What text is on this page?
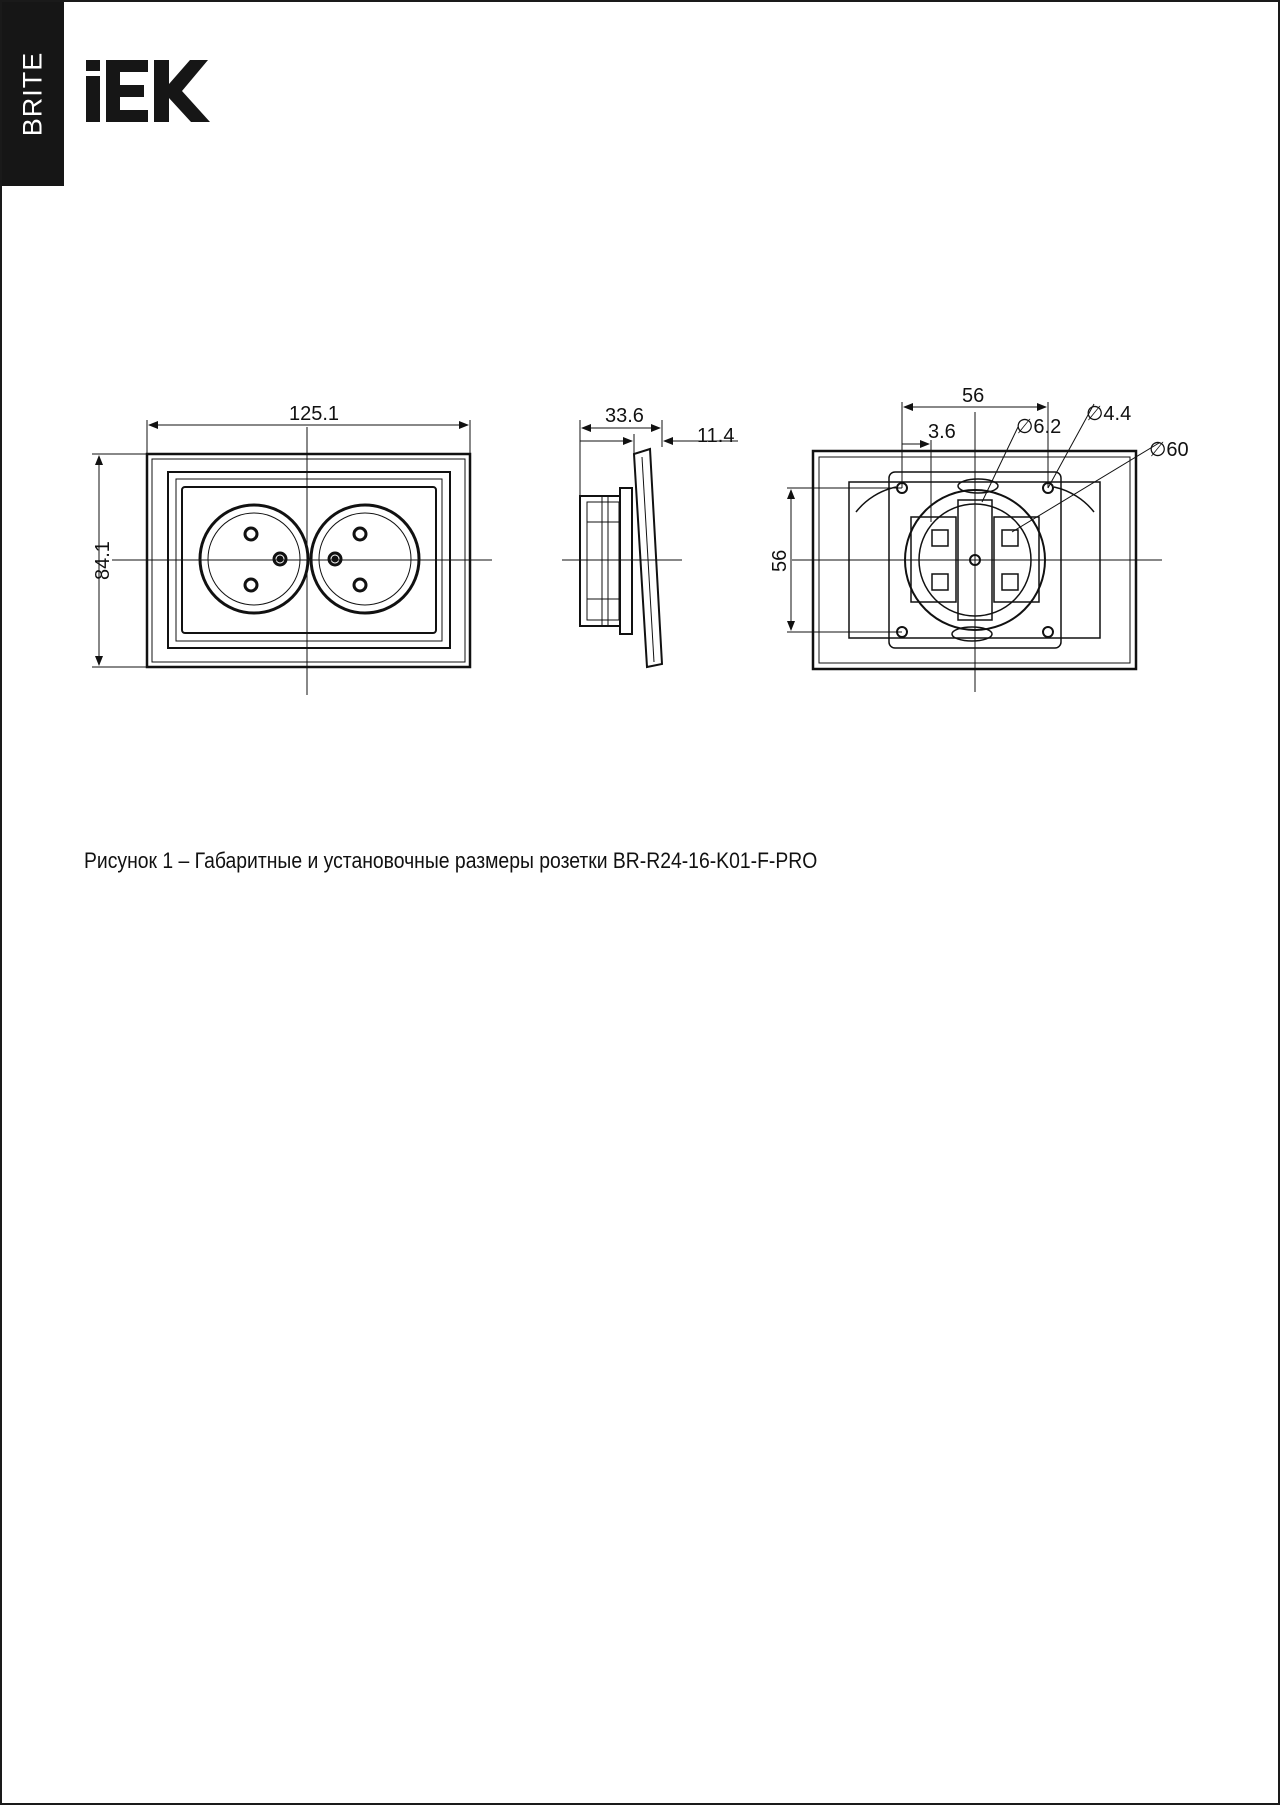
BRITE
125.1
84.1
33.6
11.4
56
56
3.6	∅6.2
∅4.4
∅60
Рисунок 1 – Габаритные и установочные размеры розетки BR-R24-16-K01-F-PRO
